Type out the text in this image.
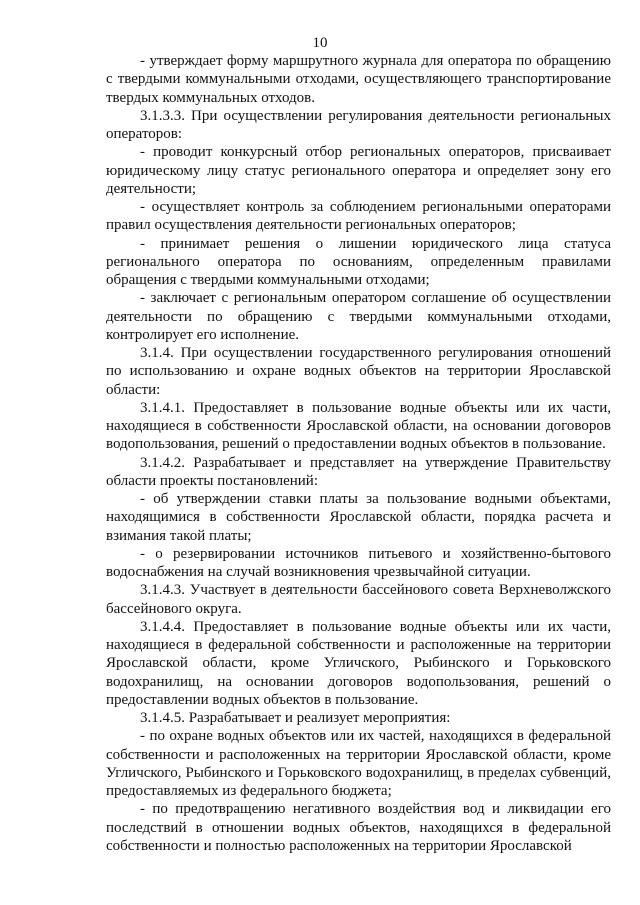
10

- утверждает форму маршрутного журнала для оператора по обращению с твердыми коммунальными отходами, осуществляющего транспортирование твердых коммунальных отходов.

3.1.3.3. При осуществлении регулирования деятельности региональных операторов:

- проводит конкурсный отбор региональных операторов, присваивает юридическому лицу статус регионального оператора и определяет зону его деятельности;

- осуществляет контроль за соблюдением региональными операторами правил осуществления деятельности региональных операторов;

- принимает решения о лишении юридического лица статуса регионального оператора по основаниям, определенным правилами обращения с твердыми коммунальными отходами;

- заключает с региональным оператором соглашение об осуществлении деятельности по обращению с твердыми коммунальными отходами, контролирует его исполнение.

3.1.4. При осуществлении государственного регулирования отношений по использованию и охране водных объектов на территории Ярославской области:

3.1.4.1. Предоставляет в пользование водные объекты или их части, находящиеся в собственности Ярославской области, на основании договоров водопользования, решений о предоставлении водных объектов в пользование.

3.1.4.2. Разрабатывает и представляет на утверждение Правительству области проекты постановлений:

- об утверждении ставки платы за пользование водными объектами, находящимися в собственности Ярославской области, порядка расчета и взимания такой платы;

- о резервировании источников питьевого и хозяйственно-бытового водоснабжения на случай возникновения чрезвычайной ситуации.

3.1.4.3. Участвует в деятельности бассейнового совета Верхневолжского бассейнового округа.

3.1.4.4. Предоставляет в пользование водные объекты или их части, находящиеся в федеральной собственности и расположенные на территории Ярославской области, кроме Угличского, Рыбинского и Горьковского водохранилищ, на основании договоров водопользования, решений о предоставлении водных объектов в пользование.

3.1.4.5. Разрабатывает и реализует мероприятия:

- по охране водных объектов или их частей, находящихся в федеральной собственности и расположенных на территории Ярославской области, кроме Угличского, Рыбинского и Горьковского водохранилищ, в пределах субвенций, предоставляемых из федерального бюджета;

- по предотвращению негативного воздействия вод и ликвидации его последствий в отношении водных объектов, находящихся в федеральной собственности и полностью расположенных на территории Ярославской
